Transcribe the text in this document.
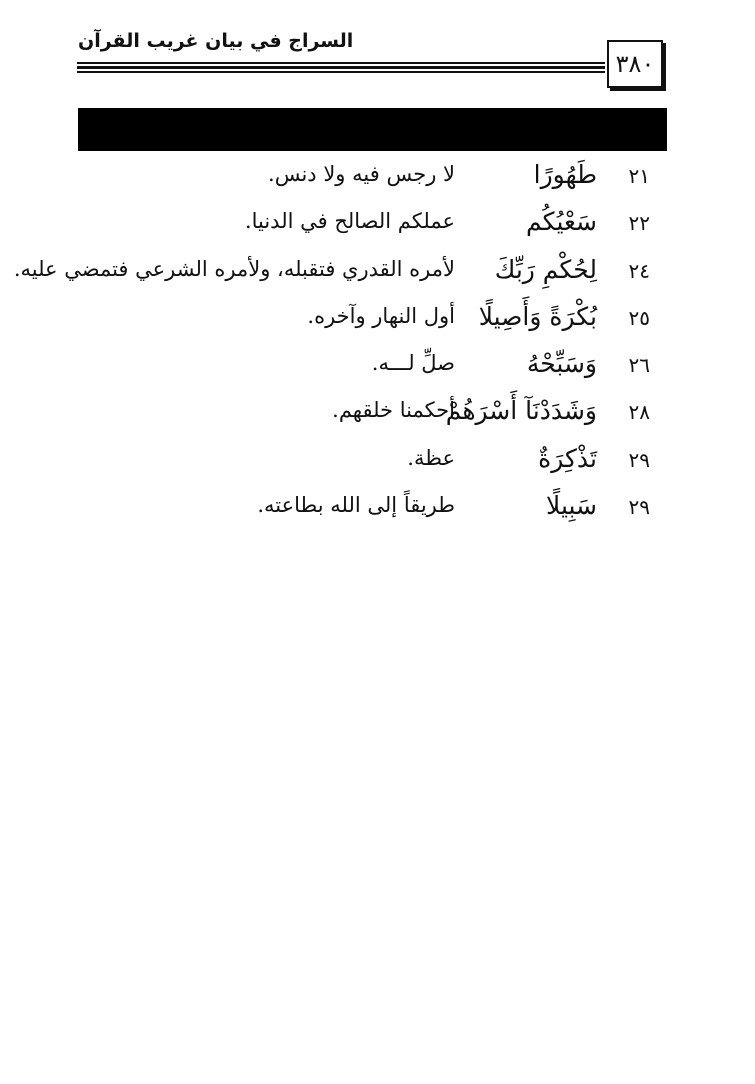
السراج في بيان غريب القرآن
٣٨٠
٢١
طَهُورًا
لا رجس فيه ولا دنس.
٢٢
سَعْيُكُم
عملكم الصالح في الدنيا.
٢٤
لِحُكْمِ رَبِّكَ
لأمره القدري فتقبله، ولأمره الشرعي فتمضي عليه.
٢٥
بُكْرَةً وَأَصِيلًا
أول النهار وآخره.
٢٦
وَسَبِّحْهُ
صلِّ لـــه.
٢٨
وَشَدَدْنَآ أَسْرَهُمْ
أحكمنا خلقهم.
٢٩
تَذْكِرَةٌ
عظة.
٢٩
سَبِيلًا
طريقاً إلى الله بطاعته.
